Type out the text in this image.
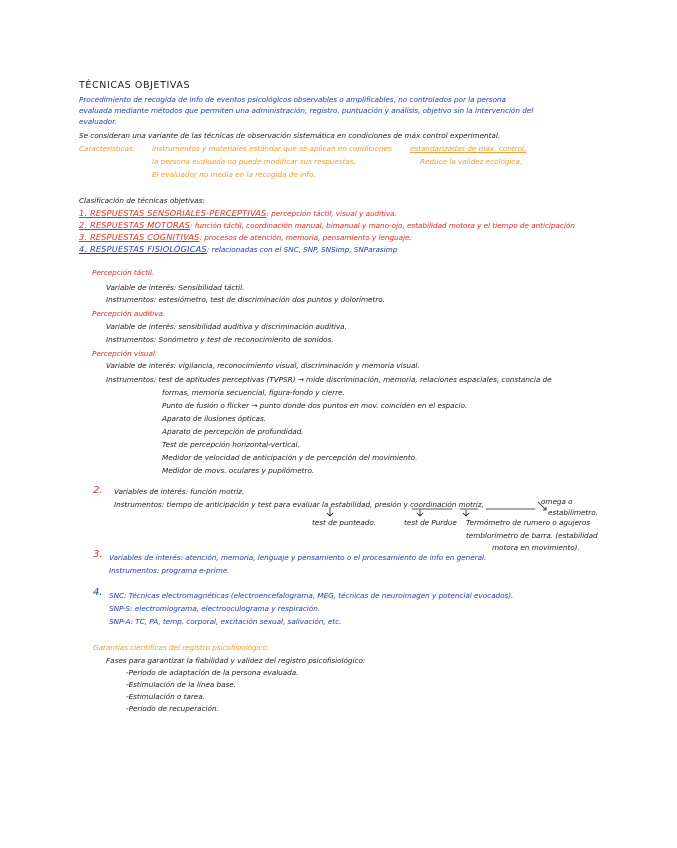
TÉCNICAS OBJETIVAS
Procedimiento de recogida de info de eventos psicológicos observables o amplificables, no controlados por la persona
evaluada mediante métodos que permiten una administración, registro, puntuación y análisis, objetivo sin la intervención del
evaluador.
Se consideran una variante de las técnicas de observación sistemática en condiciones de máx control experimental.
Características: instrumentos y materiales estándar que se aplican en condiciones	estandarizadas de máx. control.
la persona evaluada no puede modificar sus respuestas.	Reduce la validez ecológica.
El evaluador no media en la recogida de info.
Clasificación de técnicas objetivas:
1. RESPUESTAS SENSORIALES-PERCEPTIVAS: percepción táctil, visual y auditiva.
2. RESPUESTAS MOTORAS: función táctil, coordinación manual, bimanual y mano-ojo, estabilidad motora y el tiempo de anticipación
3. RESPUESTAS COGNITIVAS: procesos de atención, memoria, pensamiento y lenguaje.
4. RESPUESTAS FISIOLÓGICAS: relacionadas con el SNC, SNP, SNSimp, SNParasimp
Percepción táctil.
Variable de interés: Sensibilidad táctil.
Instrumentos: estesiómetro, test de discriminación dos puntos y dolorímetro.
Percepción auditiva.
Variable de interés: sensibilidad auditiva y discriminación auditiva.
Instrumentos: Sonómetro y test de reconocimiento de sonidos.
Percepción visual.
Variable de interés: vigilancia, reconocimiento visual, discriminación y memoria visual.
Instrumentos: test de aptitudes perceptivas (TVPSR) → mide discriminación, memoria, relaciones espaciales, constancia de
formas, memoria secuencial, figura-fondo y cierre.
Punto de fusión o flicker → punto donde dos puntos en mov. coinciden en el espacio.
Aparato de ilusiones ópticas.
Aparato de percepción de profundidad.
Test de percepción horizontal-vertical.
Medidor de velocidad de anticipación y de percepción del movimiento.
Medidor de movs. oculares y pupilómetro.
2. Variables de interés: función motriz.
Instrumentos: tiempo de anticipación y test para evaluar la estabilidad, presión y coordinación motriz,	omega o
estabilímetro.
test de punteado.	test de Purdue Termómetro de rumero o agujeros
temblorímetro de barra. (estabilidad
motora en movimiento).
3. Variables de interés: atención, memoria, lenguaje y pensamiento o el procesamiento de info en general.
Instrumentos: programa e-prime.
4. SNC: Técnicas electromagnéticas (electroencefalograma, MEG, técnicas de neuroimagen y potencial evocados).
SNP-S: electromiograma, electrooculograma y respiración.
SNP-A: TC, PA, temp. corporal, excitación sexual, salivación, etc.
Garantías científicas del registro psicofisiológico.
Fases para garantizar la fiabilidad y validez del registro psicofisiológico:
-Periodo de adaptación de la persona evaluada.
-Estimulación de la línea base.
-Estimulación o tarea.
-Periodo de recuperación.
